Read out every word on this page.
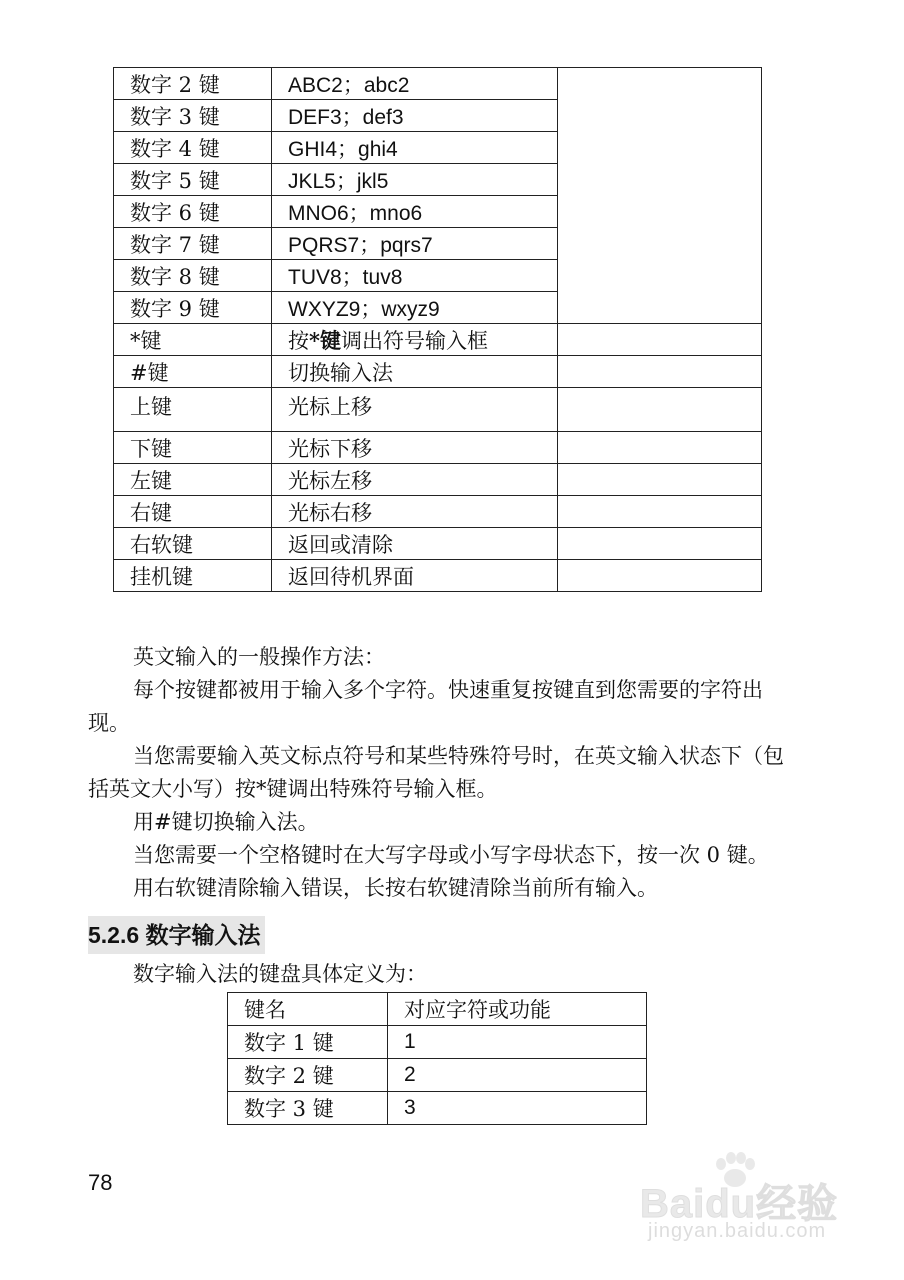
数字 2 键	ABC2；abc2	
数字 3 键	DEF3；def3	
数字 4 键	GHI4；ghi4	
数字 5 键	JKL5；jkl5	
数字 6 键	MNO6；mno6	
数字 7 键	PQRS7；pqrs7	
数字 8 键	TUV8；tuv8	
数字 9 键	WXYZ9；wxyz9	
*键	按*键调出符号输入框	
#键	切换输入法	
上键	光标上移	
下键	光标下移	
左键	光标左移	
右键	光标右移	
右软键	返回或清除	
挂机键	返回待机界面	

英文输入的一般操作方法：

每个按键都被用于输入多个字符。快速重复按键直到您需要的字符出现。

当您需要输入英文标点符号和某些特殊符号时，在英文输入状态下（包括英文大小写）按*键调出特殊符号输入框。

用#键切换输入法。

当您需要一个空格键时在大写字母或小写字母状态下，按一次 0 键。

用右软键清除输入错误，长按右软键清除当前所有输入。

5.2.6 数字输入法

数字输入法的键盘具体定义为：

键名	对应字符或功能
数字 1 键	1
数字 2 键	2
数字 3 键	3
78	Baidu经验
jingyan.baidu.com
